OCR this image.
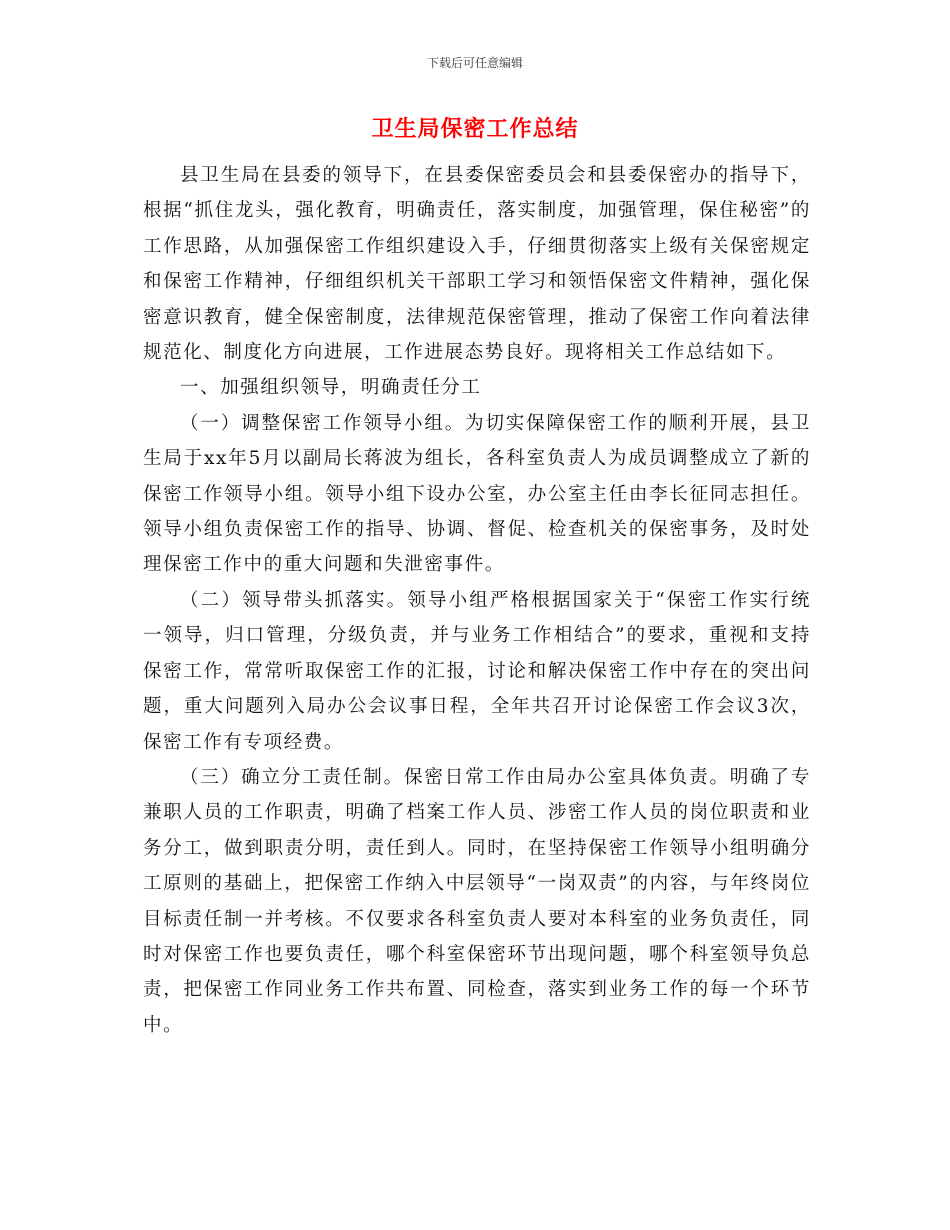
下载后可任意编辑
卫生局保密工作总结

县卫生局在县委的领导下，在县委保密委员会和县委保密办的指导下，根据“抓住龙头，强化教育，明确责任，落实制度，加强管理，保住秘密”的工作思路，从加强保密工作组织建设入手，仔细贯彻落实上级有关保密规定和保密工作精神，仔细组织机关干部职工学习和领悟保密文件精神，强化保密意识教育，健全保密制度，法律规范保密管理，推动了保密工作向着法律规范化、制度化方向进展，工作进展态势良好。现将相关工作总结如下。

一、加强组织领导，明确责任分工

（一）调整保密工作领导小组。为切实保障保密工作的顺利开展，县卫生局于xx年5月以副局长蒋波为组长，各科室负责人为成员调整成立了新的保密工作领导小组。领导小组下设办公室，办公室主任由李长征同志担任。领导小组负责保密工作的指导、协调、督促、检查机关的保密事务，及时处理保密工作中的重大问题和失泄密事件。

（二）领导带头抓落实。领导小组严格根据国家关于“保密工作实行统一领导，归口管理，分级负责，并与业务工作相结合”的要求，重视和支持保密工作，常常听取保密工作的汇报，讨论和解决保密工作中存在的突出问题，重大问题列入局办公会议事日程，全年共召开讨论保密工作会议3次，保密工作有专项经费。

（三）确立分工责任制。保密日常工作由局办公室具体负责。明确了专兼职人员的工作职责，明确了档案工作人员、涉密工作人员的岗位职责和业务分工，做到职责分明，责任到人。同时，在坚持保密工作领导小组明确分工原则的基础上，把保密工作纳入中层领导“一岗双责”的内容，与年终岗位目标责任制一并考核。不仅要求各科室负责人要对本科室的业务负责任，同时对保密工作也要负责任，哪个科室保密环节出现问题，哪个科室领导负总责，把保密工作同业务工作共布置、同检查，落实到业务工作的每一个环节中。
